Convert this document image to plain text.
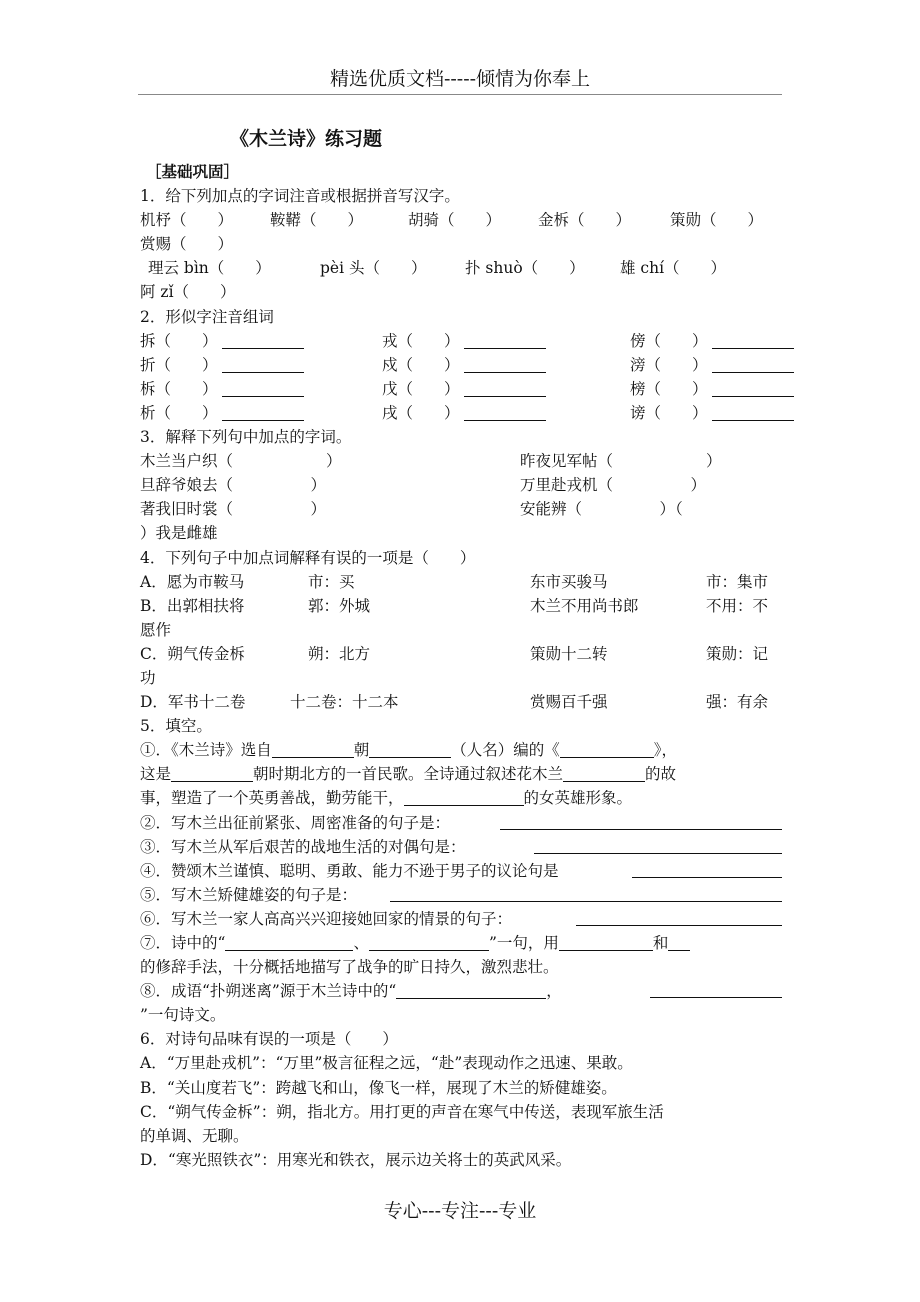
精选优质文档-----倾情为你奉上
《木兰诗》练习题
［基础巩固］
1．给下列加点的字词注音或根据拼音写汉字。
机杼（　　） 鞍鞯（　　）	胡骑（　　） 金柝（　　）	策勋（　　）
赏赐（　　）
理云 bìn（　　）	pèi 头（　　） 扑 shuò（　　） 雄 chí（　　）
阿 zǐ（　　）
2．形似字注音组词
拆（　　）	戎（　　）	傍（　　）
折（　　）	戍（　　）	滂（　　）
柝（　　）	戊（　　）	榜（　　）
析（　　）	戌（　　）	谤（　　）
3．解释下列句中加点的字词。
木兰当户织（　　　　　　）	昨夜见军帖（　　　　　　）
旦辞爷娘去（　　　　　）	万里赴戎机（　　　　　）
著我旧时裳（　　　　　）	安能辨（　　　　　）（
）我是雌雄
4．下列句子中加点词解释有误的一项是（　　）
A．愿为市鞍马	市：买	东市买骏马	市：集市
B．出郭相扶将	郭：外城	木兰不用尚书郎	不用：不
愿作
C．朔气传金柝	朔：北方	策勋十二转	策勋：记
功
D．军书十二卷	十二卷：十二本	赏赐百千强	强：有余
5．填空。
①．《木兰诗》选自	朝	（人名）编的《	》，
这是	朝时期北方的一首民歌。全诗通过叙述花木兰	的故
事，塑造了一个英勇善战，勤劳能干，	的女英雄形象。
②．写木兰出征前紧张、周密准备的句子是：
③．写木兰从军后艰苦的战地生活的对偶句是：
④．赞颂木兰谨慎、聪明、勇敢、能力不逊于男子的议论句是
⑤．写木兰矫健雄姿的句子是：
⑥．写木兰一家人高高兴兴迎接她回家的情景的句子：
⑦．诗中的“	、	”一句，用	和
的修辞手法，十分概括地描写了战争的旷日持久，激烈悲壮。
⑧．成语“扑朔迷离”源于木兰诗中的“	，
”一句诗文。
6．对诗句品味有误的一项是（　　）
A．“万里赴戎机”：“万里”极言征程之远，“赴”表现动作之迅速、果敢。
B．“关山度若飞”：跨越飞和山，像飞一样，展现了木兰的矫健雄姿。
C．“朔气传金柝”：朔，指北方。用打更的声音在寒气中传送，表现军旅生活
的单调、无聊。
D．“寒光照铁衣”：用寒光和铁衣，展示边关将士的英武风采。
专心---专注---专业
